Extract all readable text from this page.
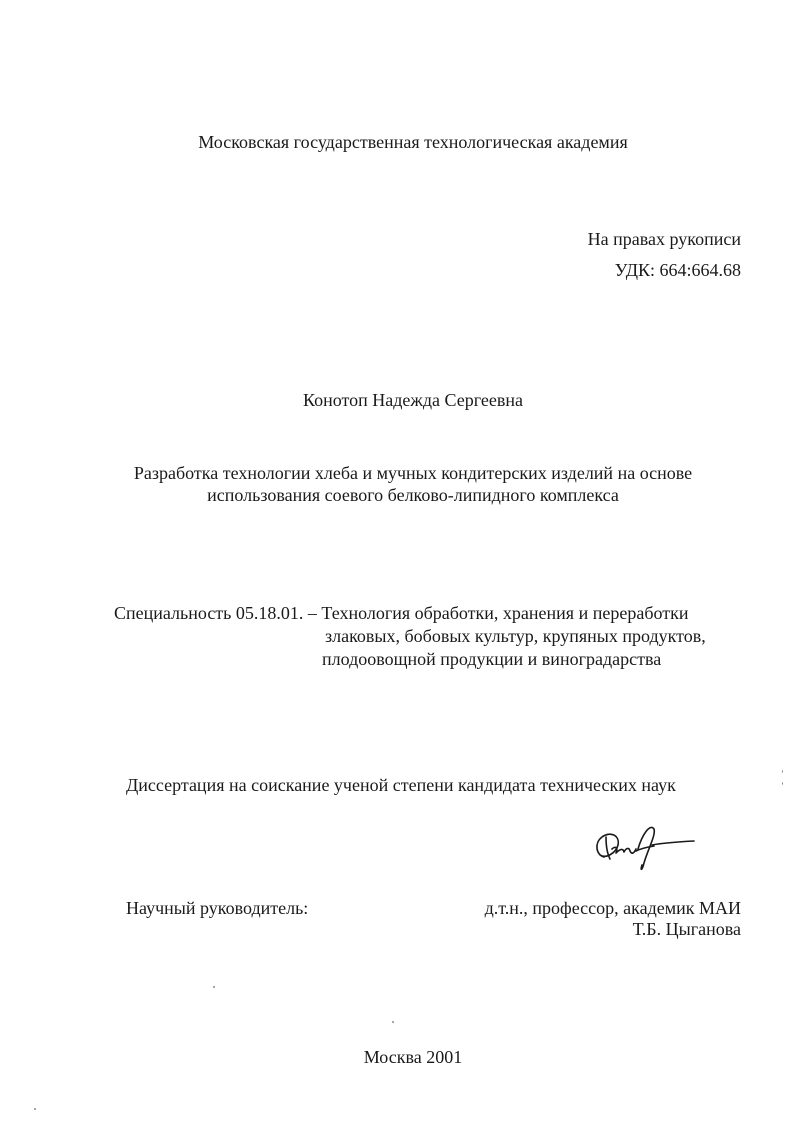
Московская государственная технологическая академия
На правах рукописи
УДК: 664:664.68
Конотоп Надежда Сергеевна
Разработка технологии хлеба и мучных кондитерских изделий на основе
использования соевого белково-липидного комплекса
Специальность 05.18.01. – Технология обработки, хранения и переработки
злаковых, бобовых культур, крупяных продуктов,
плодоовощной продукции и виноградарства
Диссертация на соискание ученой степени кандидата технических наук
Научный руководитель:	д.т.н., профессор, академик МАИ
Т.Б. Цыганова
Москва 2001
